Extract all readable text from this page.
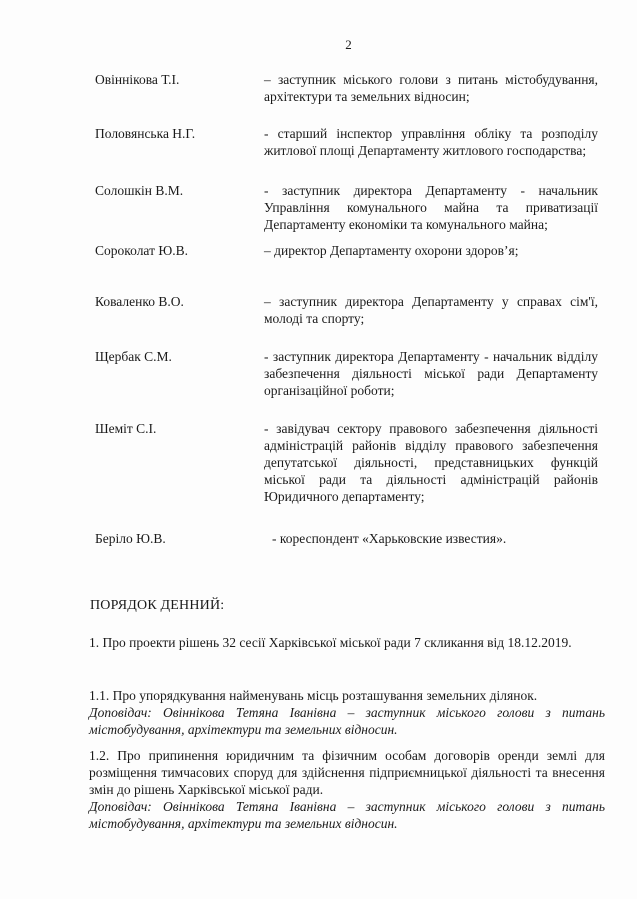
2
Овіннікова Т.І.	– заступник міського голови з питань містобудування, архітектури та земельних відносин;
Половянська Н.Г.	- старший інспектор управління обліку та розподілу житлової площі Департаменту житлового господарства;
Солошкін В.М.	- заступник директора Департаменту - начальник Управління комунального майна та приватизації Департаменту економіки та комунального майна;
Сороколат Ю.В.	– директор Департаменту охорони здоров’я;
Коваленко В.О.	– заступник директора Департаменту у справах сім'ї, молоді та спорту;
Щербак С.М.	- заступник директора Департаменту - начальник відділу забезпечення діяльності міської ради Департаменту організаційної роботи;
Шеміт С.І.	- завідувач сектору правового забезпечення діяльності адміністрацій районів відділу правового забезпечення депутатської діяльності, представницьких функцій міської ради та діяльності адміністрацій районів Юридичного департаменту;
Беріло Ю.В.	- кореспондент «Харьковские известия».
ПОРЯДОК ДЕННИЙ:

1. Про проекти рішень 32 сесії Харківської міської ради 7 скликання від 18.12.2019.

1.1. Про упорядкування найменувань місць розташування земельних ділянок.

Доповідач: Овіннікова Тетяна Іванівна – заступник міського голови з питань містобудування, архітектури та земельних відносин.

1.2. Про припинення юридичним та фізичним особам договорів оренди землі для розміщення тимчасових споруд для здійснення підприємницької діяльності та внесення змін до рішень Харківської міської ради.

Доповідач: Овіннікова Тетяна Іванівна – заступник міського голови з питань містобудування, архітектури та земельних відносин.
